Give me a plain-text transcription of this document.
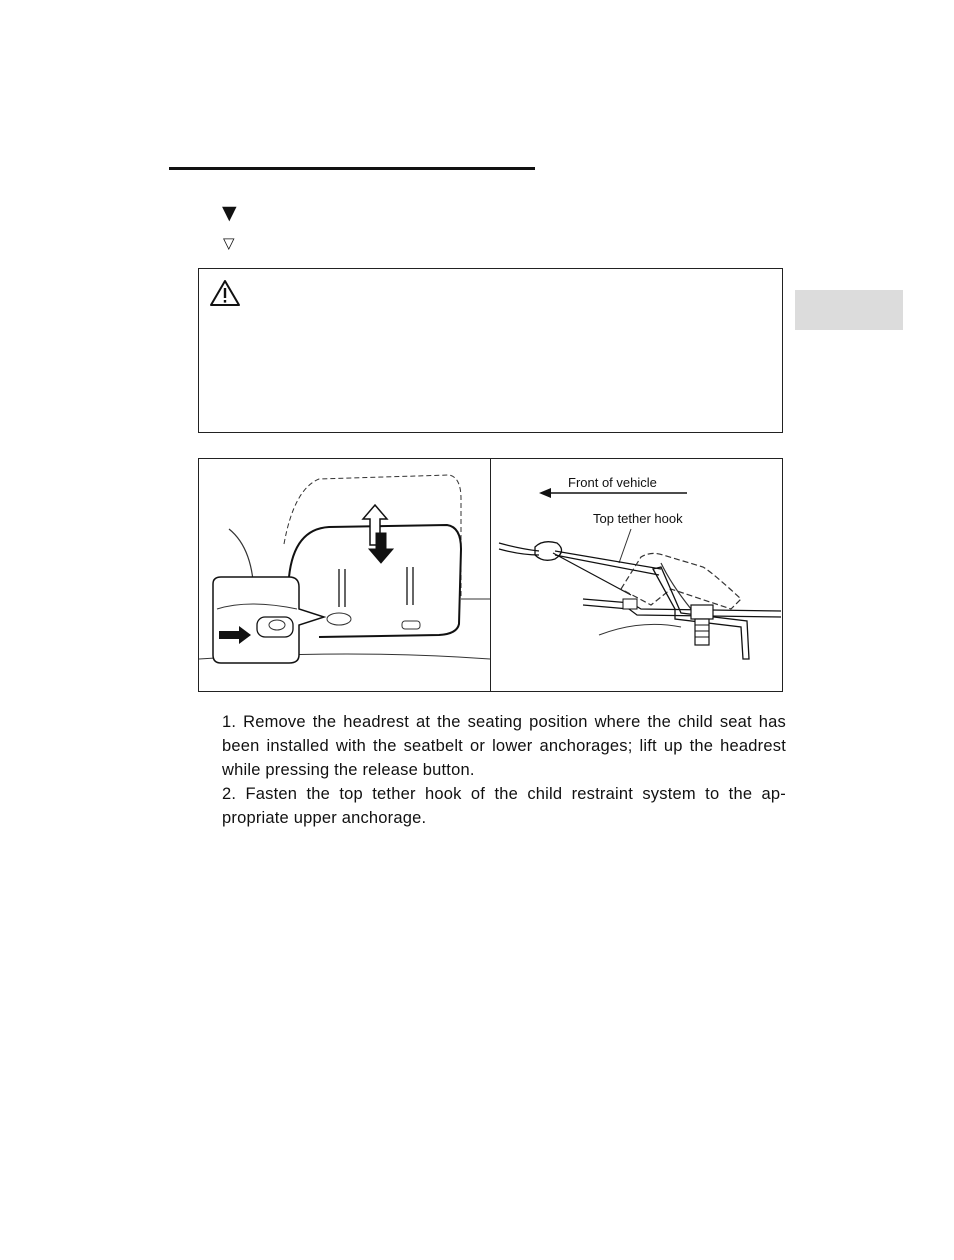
▼
▽
Front of vehicle
Top tether hook

1. Remove the headrest at the seating position where the child seat has been installed with the seatbelt or lower anchorages; lift up the headrest while pressing the release button.

2. Fasten the top tether hook of the child restraint system to the ap-propriate upper anchorage.
